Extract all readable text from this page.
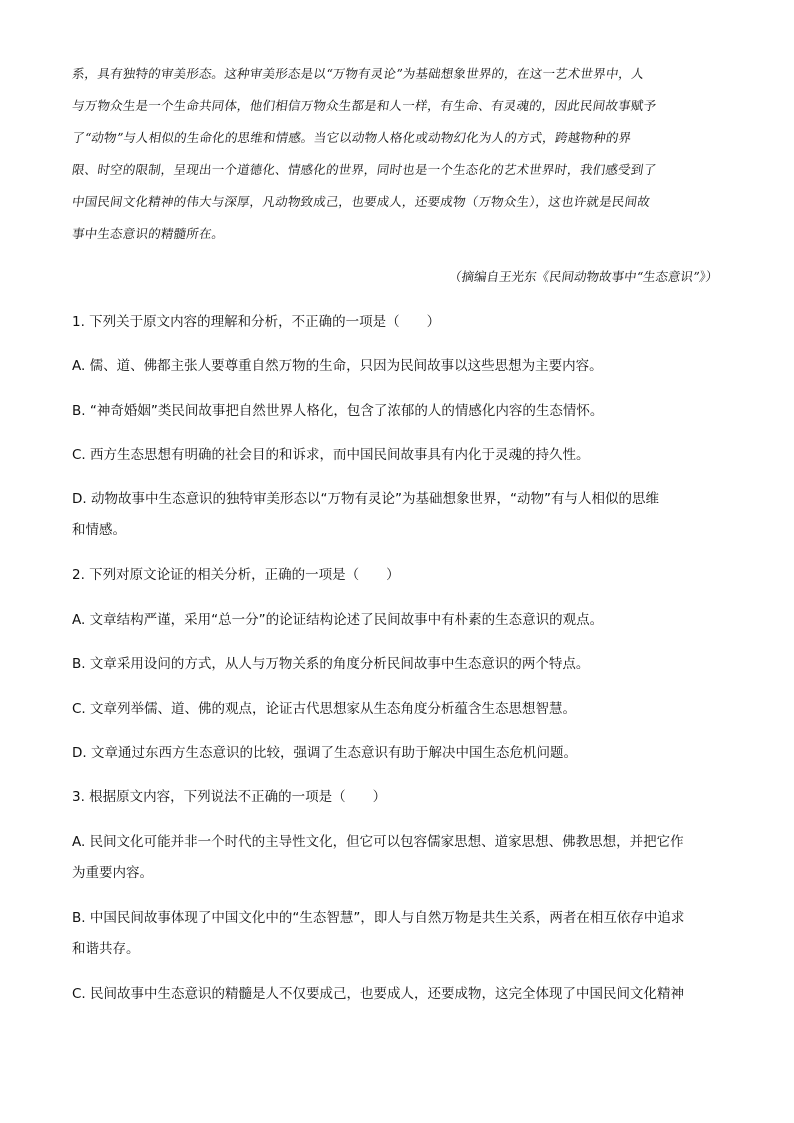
系，具有独特的审美形态。这种审美形态是以“万物有灵论”为基础想象世界的，在这一艺术世界中，人
与万物众生是一个生命共同体，他们相信万物众生都是和人一样，有生命、有灵魂的，因此民间故事赋予
了“动物”与人相似的生命化的思维和情感。当它以动物人格化或动物幻化为人的方式，跨越物种的界
限、时空的限制，呈现出一个道德化、情感化的世界，同时也是一个生态化的艺术世界时，我们感受到了
中国民间文化精神的伟大与深厚，凡动物致成己，也要成人，还要成物（万物众生），这也许就是民间故
事中生态意识的精髓所在。
（摘编自王光东《民间动物故事中“生态意识”》）
1. 下列关于原文内容的理解和分析，不正确的一项是（　　）
A. 儒、道、佛都主张人要尊重自然万物的生命，只因为民间故事以这些思想为主要内容。
B. “神奇婚姻”类民间故事把自然世界人格化，包含了浓郁的人的情感化内容的生态情怀。
C. 西方生态思想有明确的社会目的和诉求，而中国民间故事具有内化于灵魂的持久性。
D. 动物故事中生态意识的独特审美形态以“万物有灵论”为基础想象世界，“动物”有与人相似的思维
和情感。
2. 下列对原文论证的相关分析，正确的一项是（　　）
A. 文章结构严谨，采用“总一分”的论证结构论述了民间故事中有朴素的生态意识的观点。
B. 文章采用设问的方式，从人与万物关系的角度分析民间故事中生态意识的两个特点。
C. 文章列举儒、道、佛的观点，论证古代思想家从生态角度分析蕴含生态思想智慧。
D. 文章通过东西方生态意识的比较，强调了生态意识有助于解决中国生态危机问题。
3. 根据原文内容，下列说法不正确的一项是（　　）
A. 民间文化可能并非一个时代的主导性文化，但它可以包容儒家思想、道家思想、佛教思想，并把它作
为重要内容。
B. 中国民间故事体现了中国文化中的“生态智慧”，即人与自然万物是共生关系，两者在相互依存中追求
和谐共存。
C. 民间故事中生态意识的精髓是人不仅要成己，也要成人，还要成物，这完全体现了中国民间文化精神
